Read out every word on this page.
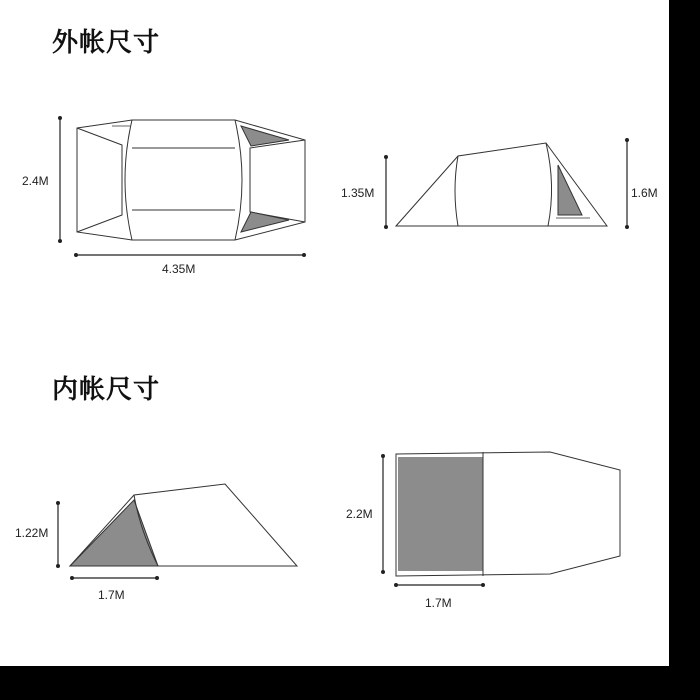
外帐尺寸
内帐尺寸
2.4M
4.35M
1.35M	1.6M
1.22M
1.7M
2.2M
1.7M
